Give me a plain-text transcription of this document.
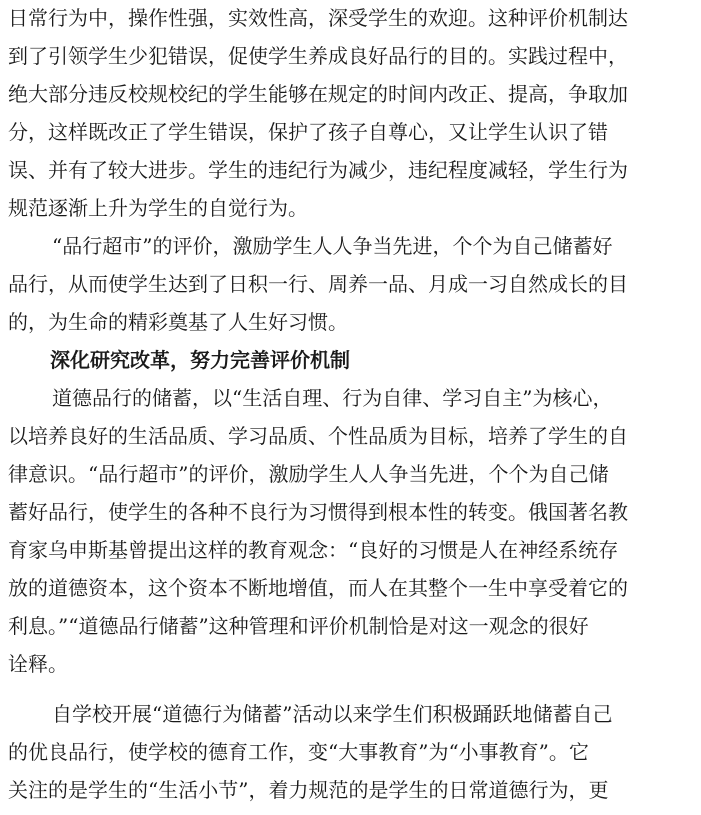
日常行为中，操作性强，实效性高，深受学生的欢迎。这种评价机制达
到了引领学生少犯错误，促使学生养成良好品行的目的。实践过程中，
绝大部分违反校规校纪的学生能够在规定的时间内改正、提高，争取加
分，这样既改正了学生错误，保护了孩子自尊心，又让学生认识了错
误、并有了较大进步。学生的违纪行为减少，违纪程度减轻，学生行为
规范逐渐上升为学生的自觉行为。
“品行超市”的评价，激励学生人人争当先进，个个为自己储蓄好
品行，从而使学生达到了日积一行、周养一品、月成一习自然成长的目
的，为生命的精彩奠基了人生好习惯。
深化研究改革，努力完善评价机制
道德品行的储蓄，以“生活自理、行为自律、学习自主”为核心，
以培养良好的生活品质、学习品质、个性品质为目标，培养了学生的自
律意识。“品行超市”的评价，激励学生人人争当先进，个个为自己储
蓄好品行，使学生的各种不良行为习惯得到根本性的转变。俄国著名教
育家乌申斯基曾提出这样的教育观念：“良好的习惯是人在神经系统存
放的道德资本，这个资本不断地增值，而人在其整个一生中享受着它的
利息。”“道德品行储蓄”这种管理和评价机制恰是对这一观念的很好
诠释。
自学校开展“道德行为储蓄”活动以来学生们积极踊跃地储蓄自己
的优良品行，使学校的德育工作，变“大事教育”为“小事教育”。它
关注的是学生的“生活小节”，着力规范的是学生的日常道德行为，更
